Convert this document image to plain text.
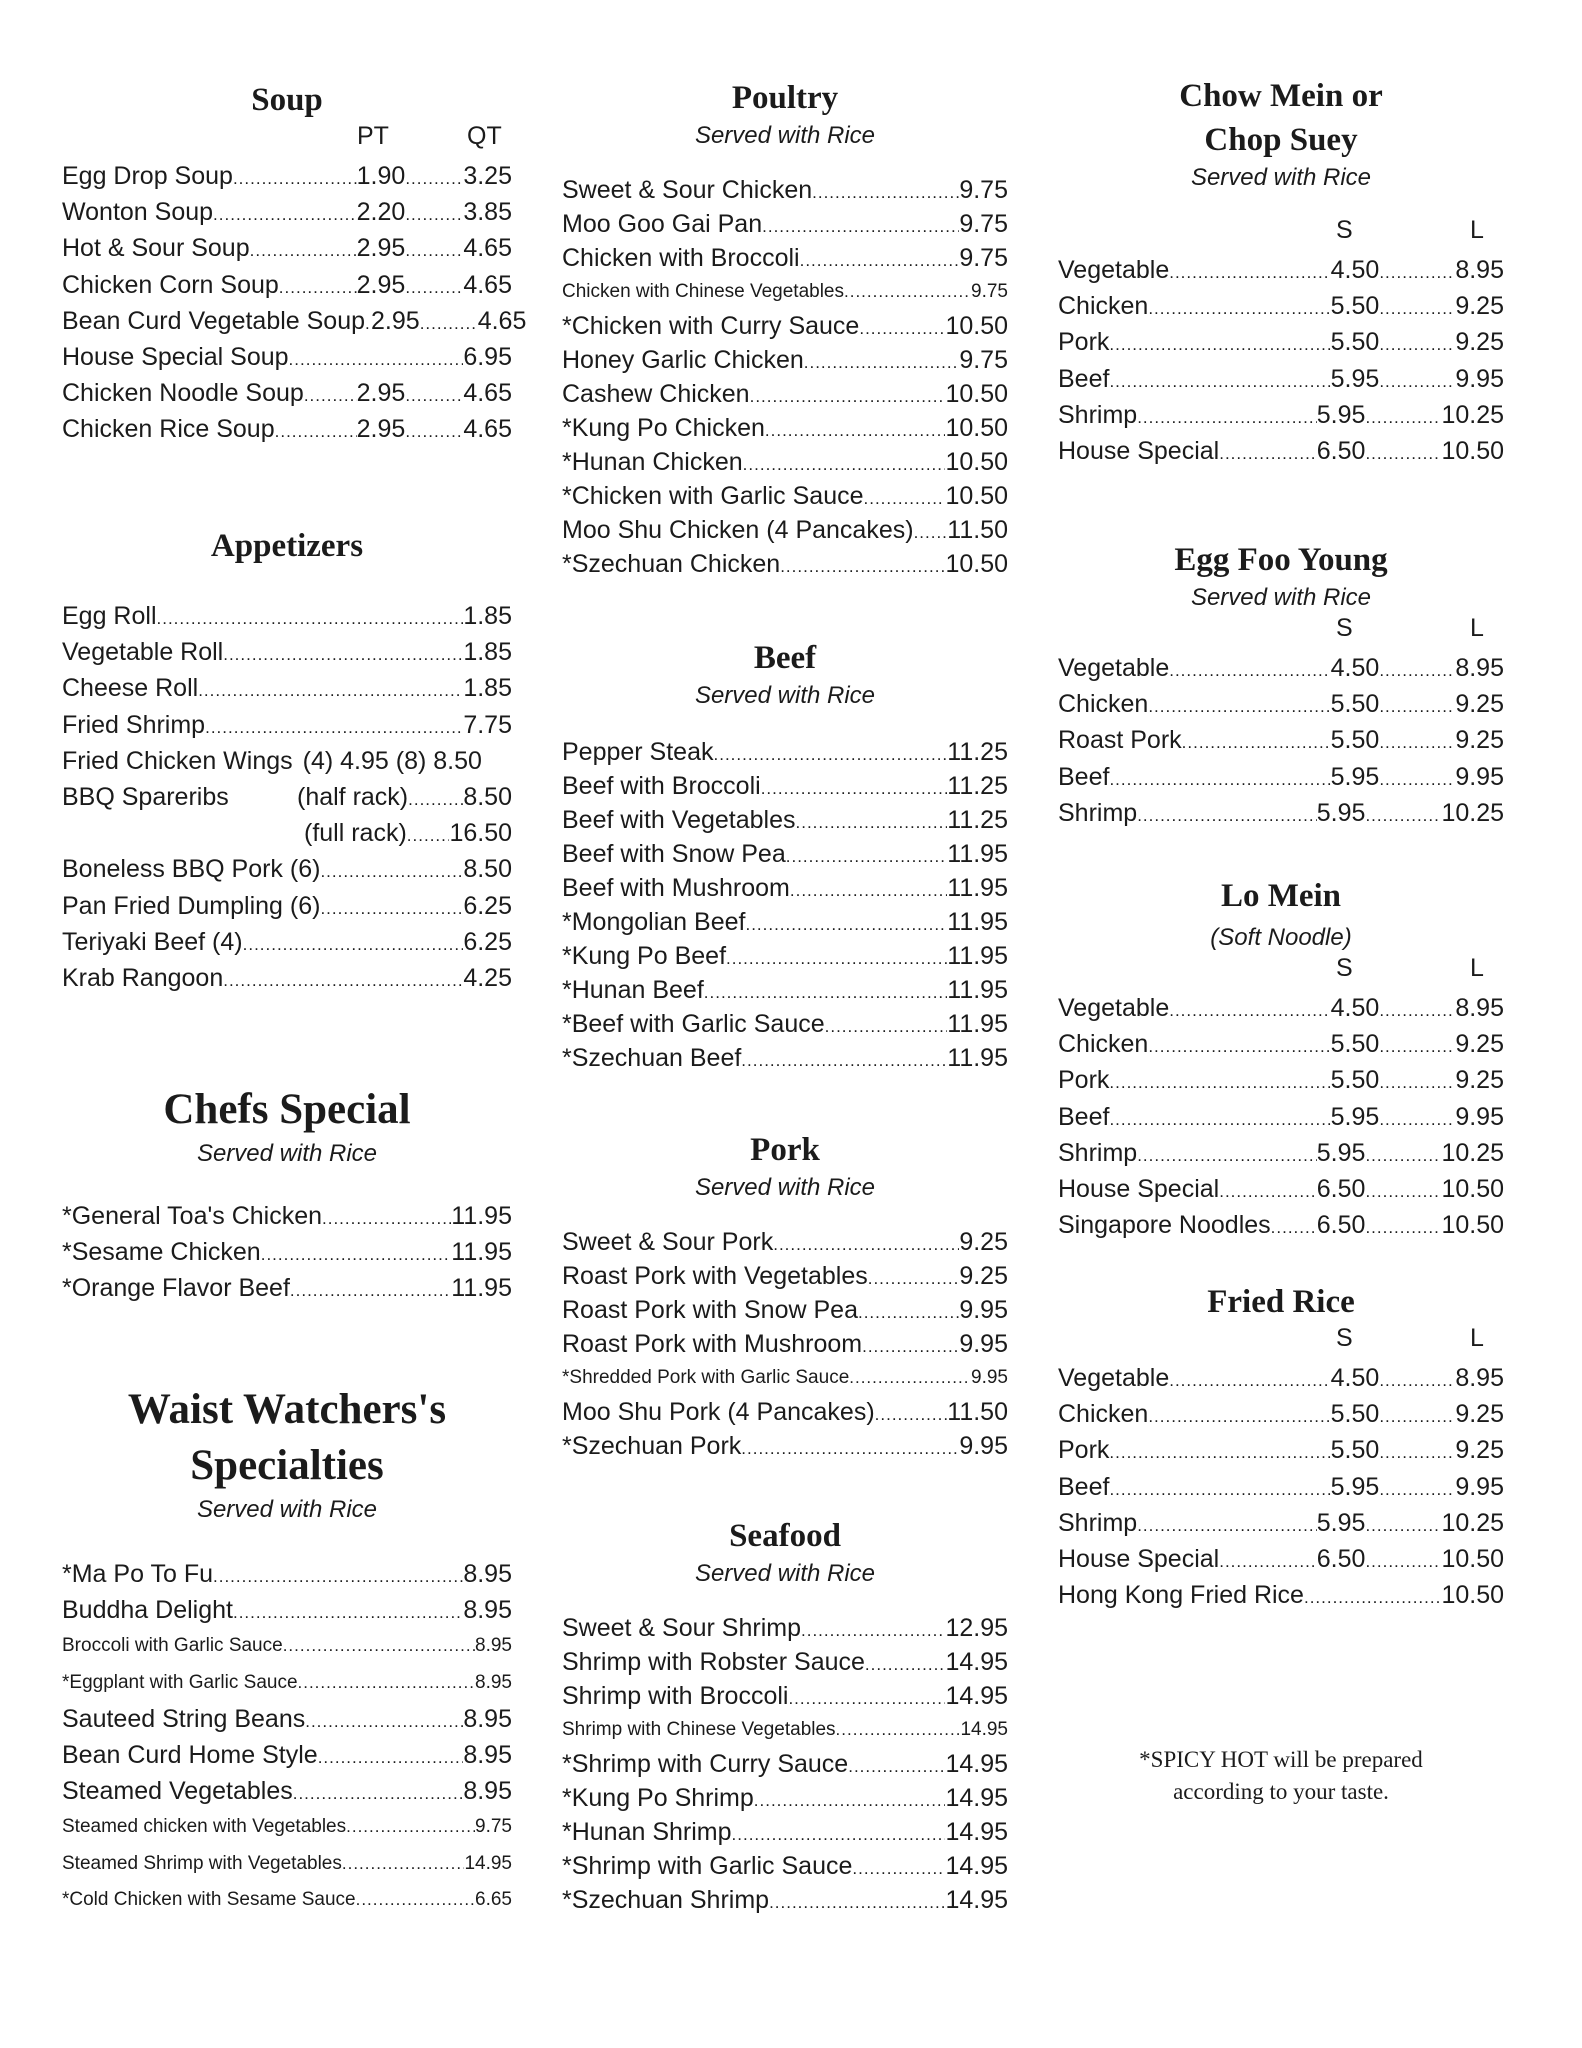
Soup
PT	QT
Egg Drop Soup .....	1.90 ..... 3.25
Wonton Soup .....	2.20 ..... 3.85
Hot & Sour Soup .....	2.95 ..... 4.65
Chicken Corn Soup .....	2.95 ..... 4.65
Bean Curd Vegetable Soup ..... 2.95 ..... 4.65
House Special Soup .....	6.95
Chicken Noodle Soup ..... 2.95 ..... 4.65
Chicken Rice Soup .....	2.95 ..... 4.65
Appetizers
Egg Roll .....	1.85
Vegetable Roll .....	1.85
Cheese Roll .....	1.85
Fried Shrimp .....	7.75
Fried Chicken Wings (4) 4.95 (8) 8.50
BBQ Spareribs	(half rack) ..... 8.50
(full rack) ..... 16.50
Boneless BBQ Pork (6) .....	8.50
Pan Fried Dumpling (6) .....	6.25
Teriyaki Beef (4) .....	6.25
Krab Rangoon .....	4.25
Chefs Special
Served with Rice
*General Toa's Chicken .....	11.95
*Sesame Chicken .....	11.95
*Orange Flavor Beef .....	11.95
Waist Watchers's
Specialties
Served with Rice
*Ma Po To Fu .....	8.95
Buddha Delight .....	8.95
Broccoli with Garlic Sauce .....	8.95
*Eggplant with Garlic Sauce .....	8.95
Sauteed String Beans .....	8.95
Bean Curd Home Style .....	8.95
Steamed Vegetables .....	8.95
Steamed chicken with Vegetables .....	9.75
Steamed Shrimp with Vegetables .....	14.95
*Cold Chicken with Sesame Sauce .....	6.65
Poultry
Served with Rice
Sweet & Sour Chicken .....	9.75
Moo Goo Gai Pan .....	9.75
Chicken with Broccoli .....	9.75
Chicken with Chinese Vegetables .....	9.75
*Chicken with Curry Sauce .....	10.50
Honey Garlic Chicken .....	9.75
Cashew Chicken .....	10.50
*Kung Po Chicken .....	10.50
*Hunan Chicken .....	10.50
*Chicken with Garlic Sauce .....	10.50
Moo Shu Chicken (4 Pancakes) ..... 11.50
*Szechuan Chicken .....	10.50
Beef
Served with Rice
Pepper Steak .....	11.25
Beef with Broccoli .....	11.25
Beef with Vegetables .....	11.25
Beef with Snow Pea .....	11.95
Beef with Mushroom .....	11.95
*Mongolian Beef .....	11.95
*Kung Po Beef .....	11.95
*Hunan Beef .....	11.95
*Beef with Garlic Sauce .....	11.95
*Szechuan Beef .....	11.95
Pork
Served with Rice
Sweet & Sour Pork .....	9.25
Roast Pork with Vegetables .....	9.25
Roast Pork with Snow Pea .....	9.95
Roast Pork with Mushroom .....	9.95
*Shredded Pork with Garlic Sauce .....	9.95
Moo Shu Pork (4 Pancakes) .....	11.50
*Szechuan Pork .....	9.95
Seafood
Served with Rice
Sweet & Sour Shrimp .....	12.95
Shrimp with Robster Sauce .....	14.95
Shrimp with Broccoli .....	14.95
Shrimp with Chinese Vegetables .....	14.95
*Shrimp with Curry Sauce .....	14.95
*Kung Po Shrimp .....	14.95
*Hunan Shrimp .....	14.95
*Shrimp with Garlic Sauce .....	14.95
*Szechuan Shrimp .....	14.95
Chow Mein or
Chop Suey
Served with Rice
S	L
Vegetable .....	4.50 .....	8.95
Chicken .....	5.50 .....	9.25
Pork .....	5.50 .....	9.25
Beef .....	5.95 .....	9.95
Shrimp .....	5.95 .....	10.25
House Special .....	6.50 .....	10.50
Egg Foo Young
Served with Rice
S	L
Vegetable .....	4.50 .....	8.95
Chicken .....	5.50 .....	9.25
Roast Pork .....	5.50 .....	9.25
Beef .....	5.95 .....	9.95
Shrimp .....	5.95 .....	10.25
Lo Mein
(Soft Noodle)
S	L
Vegetable .....	4.50 .....	8.95
Chicken .....	5.50 .....	9.25
Pork .....	5.50 .....	9.25
Beef .....	5.95 .....	9.95
Shrimp .....	5.95 .....	10.25
House Special .....	6.50 .....	10.50
Singapore Noodles ..... 6.50 .....	10.50
Fried Rice
S	L
Vegetable .....	4.50 .....	8.95
Chicken .....	5.50 .....	9.25
Pork .....	5.50 .....	9.25
Beef .....	5.95 .....	9.95
Shrimp .....	5.95 .....	10.25
House Special .....	6.50 .....	10.50
Hong Kong Fried Rice .....	10.50
*SPICY HOT will be prepared
according to your taste.
